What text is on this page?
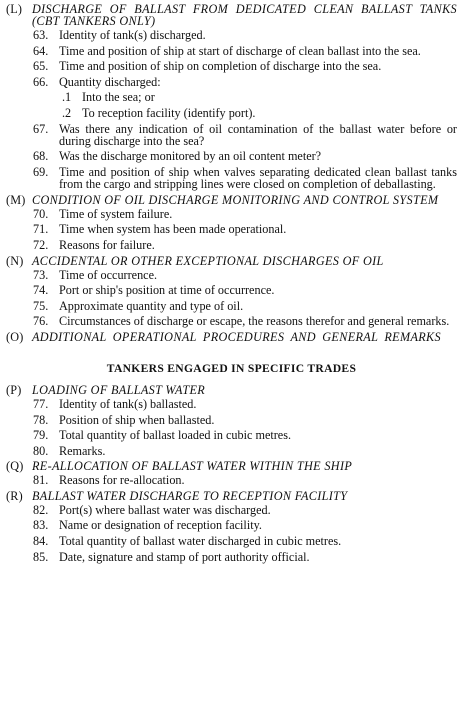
(L) DISCHARGE OF BALLAST FROM DEDICATED CLEAN BALLAST TANKS (CBT TANKERS ONLY)
63. Identity of tank(s) discharged.
64. Time and position of ship at start of discharge of clean ballast into the sea.
65. Time and position of ship on completion of discharge into the sea.
66. Quantity discharged:
.1 Into the sea; or
.2 To reception facility (identify port).
67. Was there any indication of oil contamination of the ballast water before or during discharge into the sea?
68. Was the discharge monitored by an oil content meter?
69. Time and position of ship when valves separating dedicated clean ballast tanks from the cargo and stripping lines were closed on completion of deballasting.
(M) CONDITION OF OIL DISCHARGE MONITORING AND CONTROL SYSTEM
70. Time of system failure.
71. Time when system has been made operational.
72. Reasons for failure.
(N) ACCIDENTAL OR OTHER EXCEPTIONAL DISCHARGES OF OIL
73. Time of occurrence.
74. Port or ship's position at time of occurrence.
75. Approximate quantity and type of oil.
76. Circumstances of discharge or escape, the reasons therefor and general remarks.
(O) ADDITIONAL OPERATIONAL PROCEDURES AND GENERAL REMARKS
TANKERS ENGAGED IN SPECIFIC TRADES
(P) LOADING OF BALLAST WATER
77. Identity of tank(s) ballasted.
78. Position of ship when ballasted.
79. Total quantity of ballast loaded in cubic metres.
80. Remarks.
(Q) RE-ALLOCATION OF BALLAST WATER WITHIN THE SHIP
81. Reasons for re-allocation.
(R) BALLAST WATER DISCHARGE TO RECEPTION FACILITY
82. Port(s) where ballast water was discharged.
83. Name or designation of reception facility.
84. Total quantity of ballast water discharged in cubic metres.
85. Date, signature and stamp of port authority official.
